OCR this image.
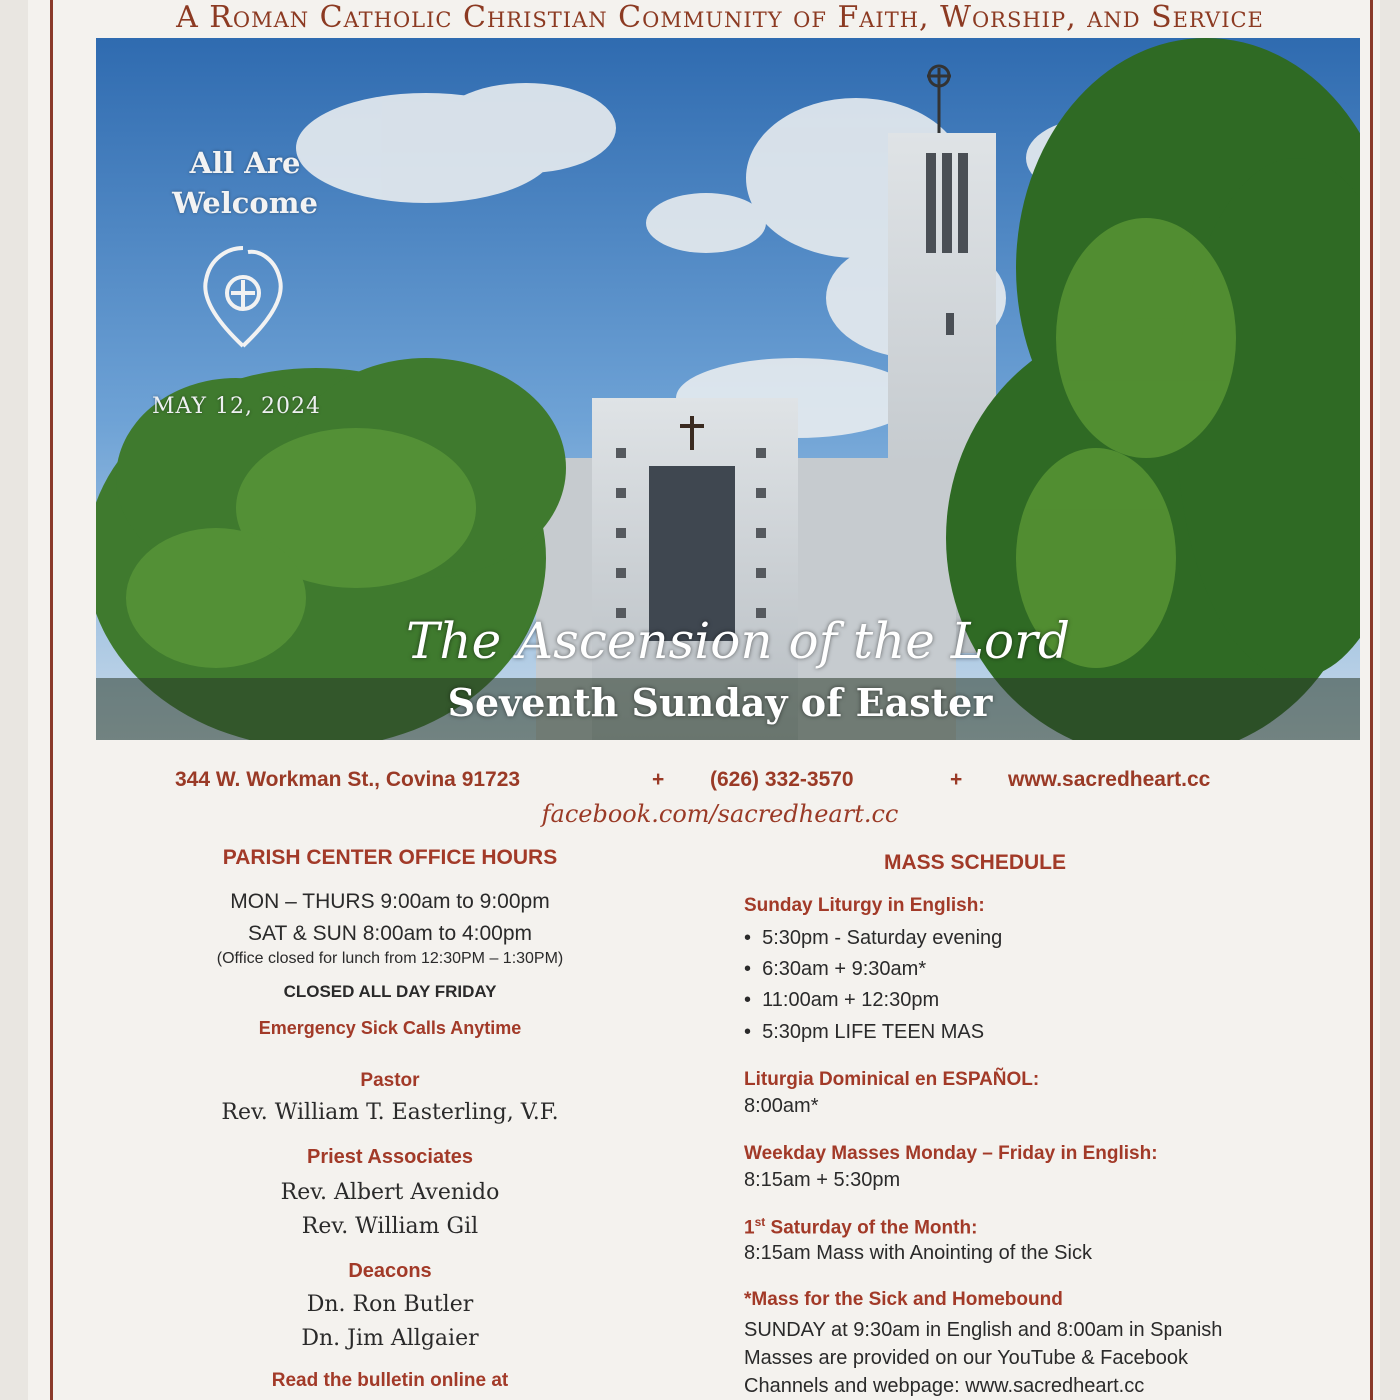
A Roman Catholic Christian Community of Faith, Worship, and Service
All Are
Welcome
MAY 12, 2024
The Ascension of the Lord
Seventh Sunday of Easter
344 W. Workman St., Covina 91723	+ (626) 332-3570	+ www.sacredheart.cc
facebook.com/sacredheart.cc
PARISH CENTER OFFICE HOURS
MON – THURS 9:00am to 9:00pm
SAT & SUN 8:00am to 4:00pm
(Office closed for lunch from 12:30PM – 1:30PM)
CLOSED ALL DAY FRIDAY
Emergency Sick Calls Anytime
Pastor
Rev. William T. Easterling, V.F.
Priest Associates
Rev. Albert Avenido
Rev. William Gil
Deacons
Dn. Ron Butler
Dn. Jim Allgaier
Read the bulletin online at
MASS SCHEDULE
Sunday Liturgy in English:
•  5:30pm - Saturday evening
•  6:30am + 9:30am*
•  11:00am + 12:30pm
•  5:30pm LIFE TEEN MAS
Liturgia Dominical en ESPAÑOL:
8:00am*
Weekday Masses Monday – Friday in English:
8:15am + 5:30pm
1st Saturday of the Month:
8:15am Mass with Anointing of the Sick
*Mass for the Sick and Homebound
SUNDAY at 9:30am in English and 8:00am in Spanish
Masses are provided on our YouTube & Facebook
Channels and webpage: www.sacredheart.cc
